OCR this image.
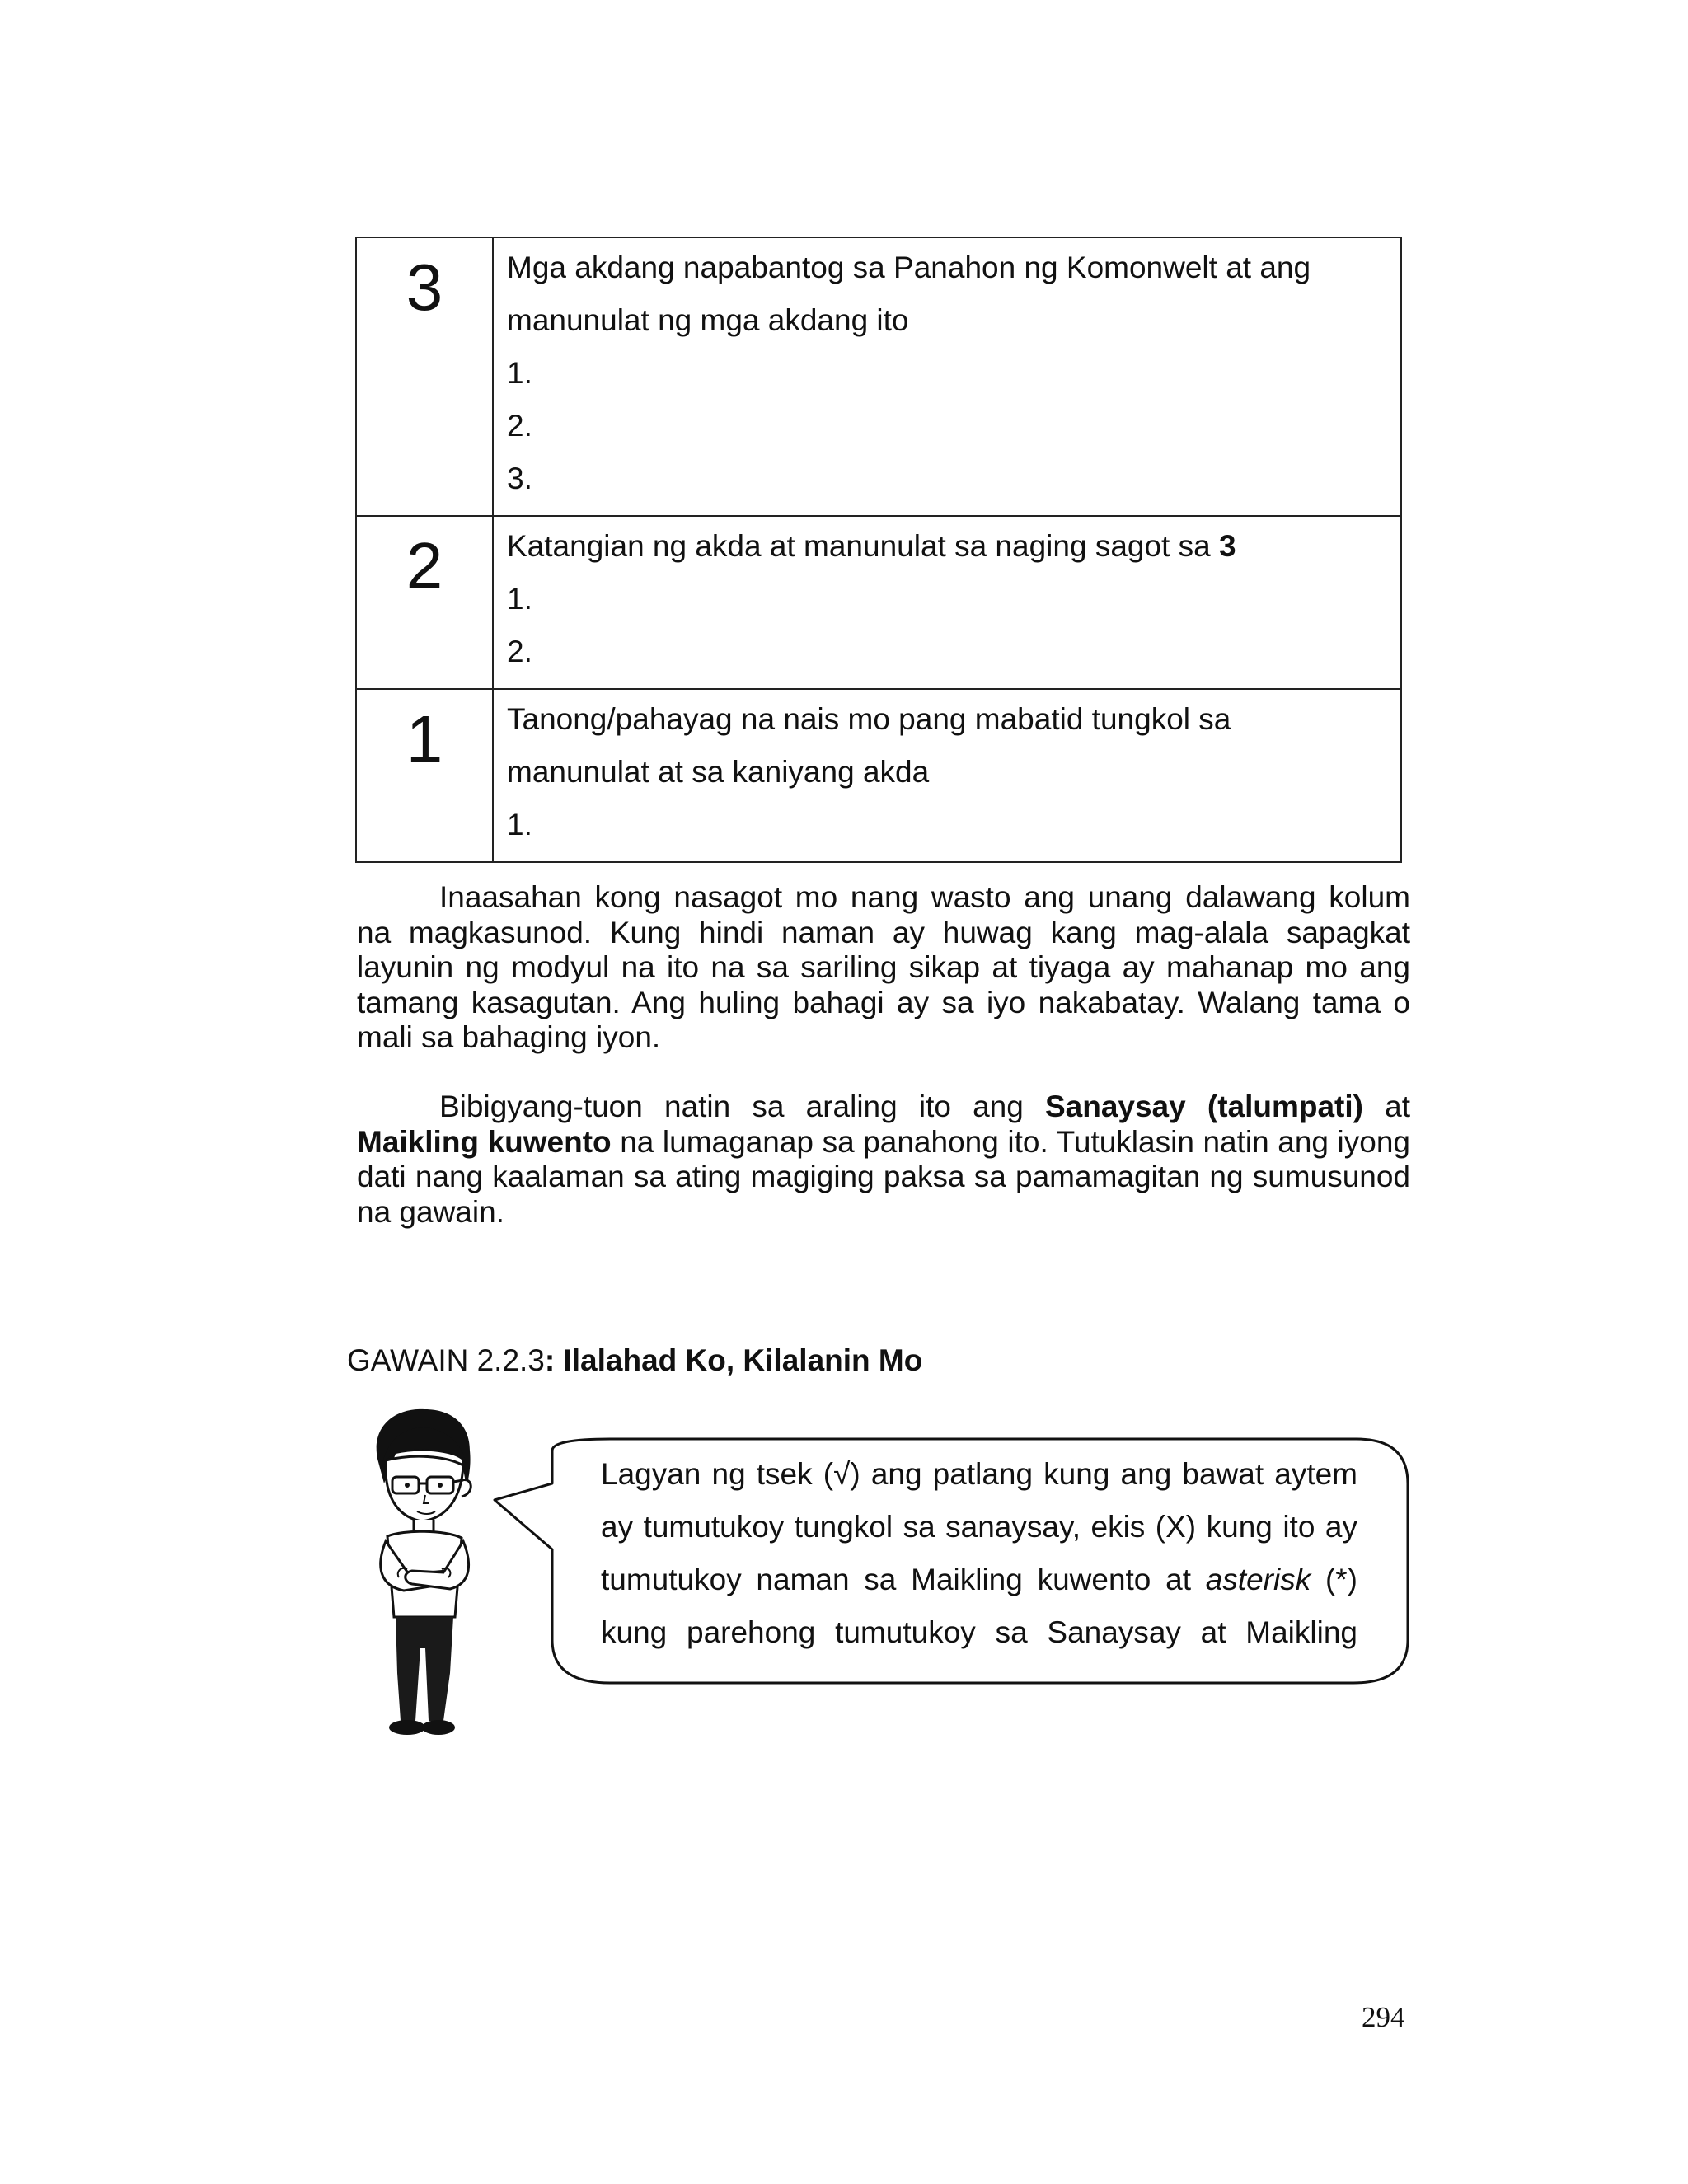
3	Mga akdang napabantog sa Panahon ng Komonwelt at ang
manunulat ng mga akdang ito
1.
2.
3.

2	Katangian ng akda at manunulat sa naging sagot sa 3
1.
2.

1	Tanong/pahayag na nais mo pang mabatid tungkol sa
manunulat at sa kaniyang akda
1.

Inaasahan kong nasagot mo nang wasto ang unang dalawang kolum na magkasunod. Kung hindi naman ay huwag kang mag-alala sapagkat layunin ng modyul na ito na sa sariling sikap at tiyaga ay mahanap mo ang tamang kasagutan. Ang huling bahagi ay sa iyo nakabatay. Walang tama o mali sa bahaging iyon.

Bibigyang-tuon natin sa araling ito ang Sanaysay (talumpati) at Maikling kuwento na lumaganap sa panahong ito. Tutuklasin natin ang iyong dati nang kaalaman sa ating magiging paksa sa pamamagitan ng sumusunod na gawain.

GAWAIN 2.2.3: Ilalahad Ko, Kilalanin Mo

Lagyan ng tsek (√) ang patlang kung ang bawat aytem

ay tumutukoy tungkol sa sanaysay, ekis (X) kung ito ay

tumutukoy naman sa Maikling kuwento at asterisk (*)

kung parehong tumutukoy sa Sanaysay at Maikling

294
